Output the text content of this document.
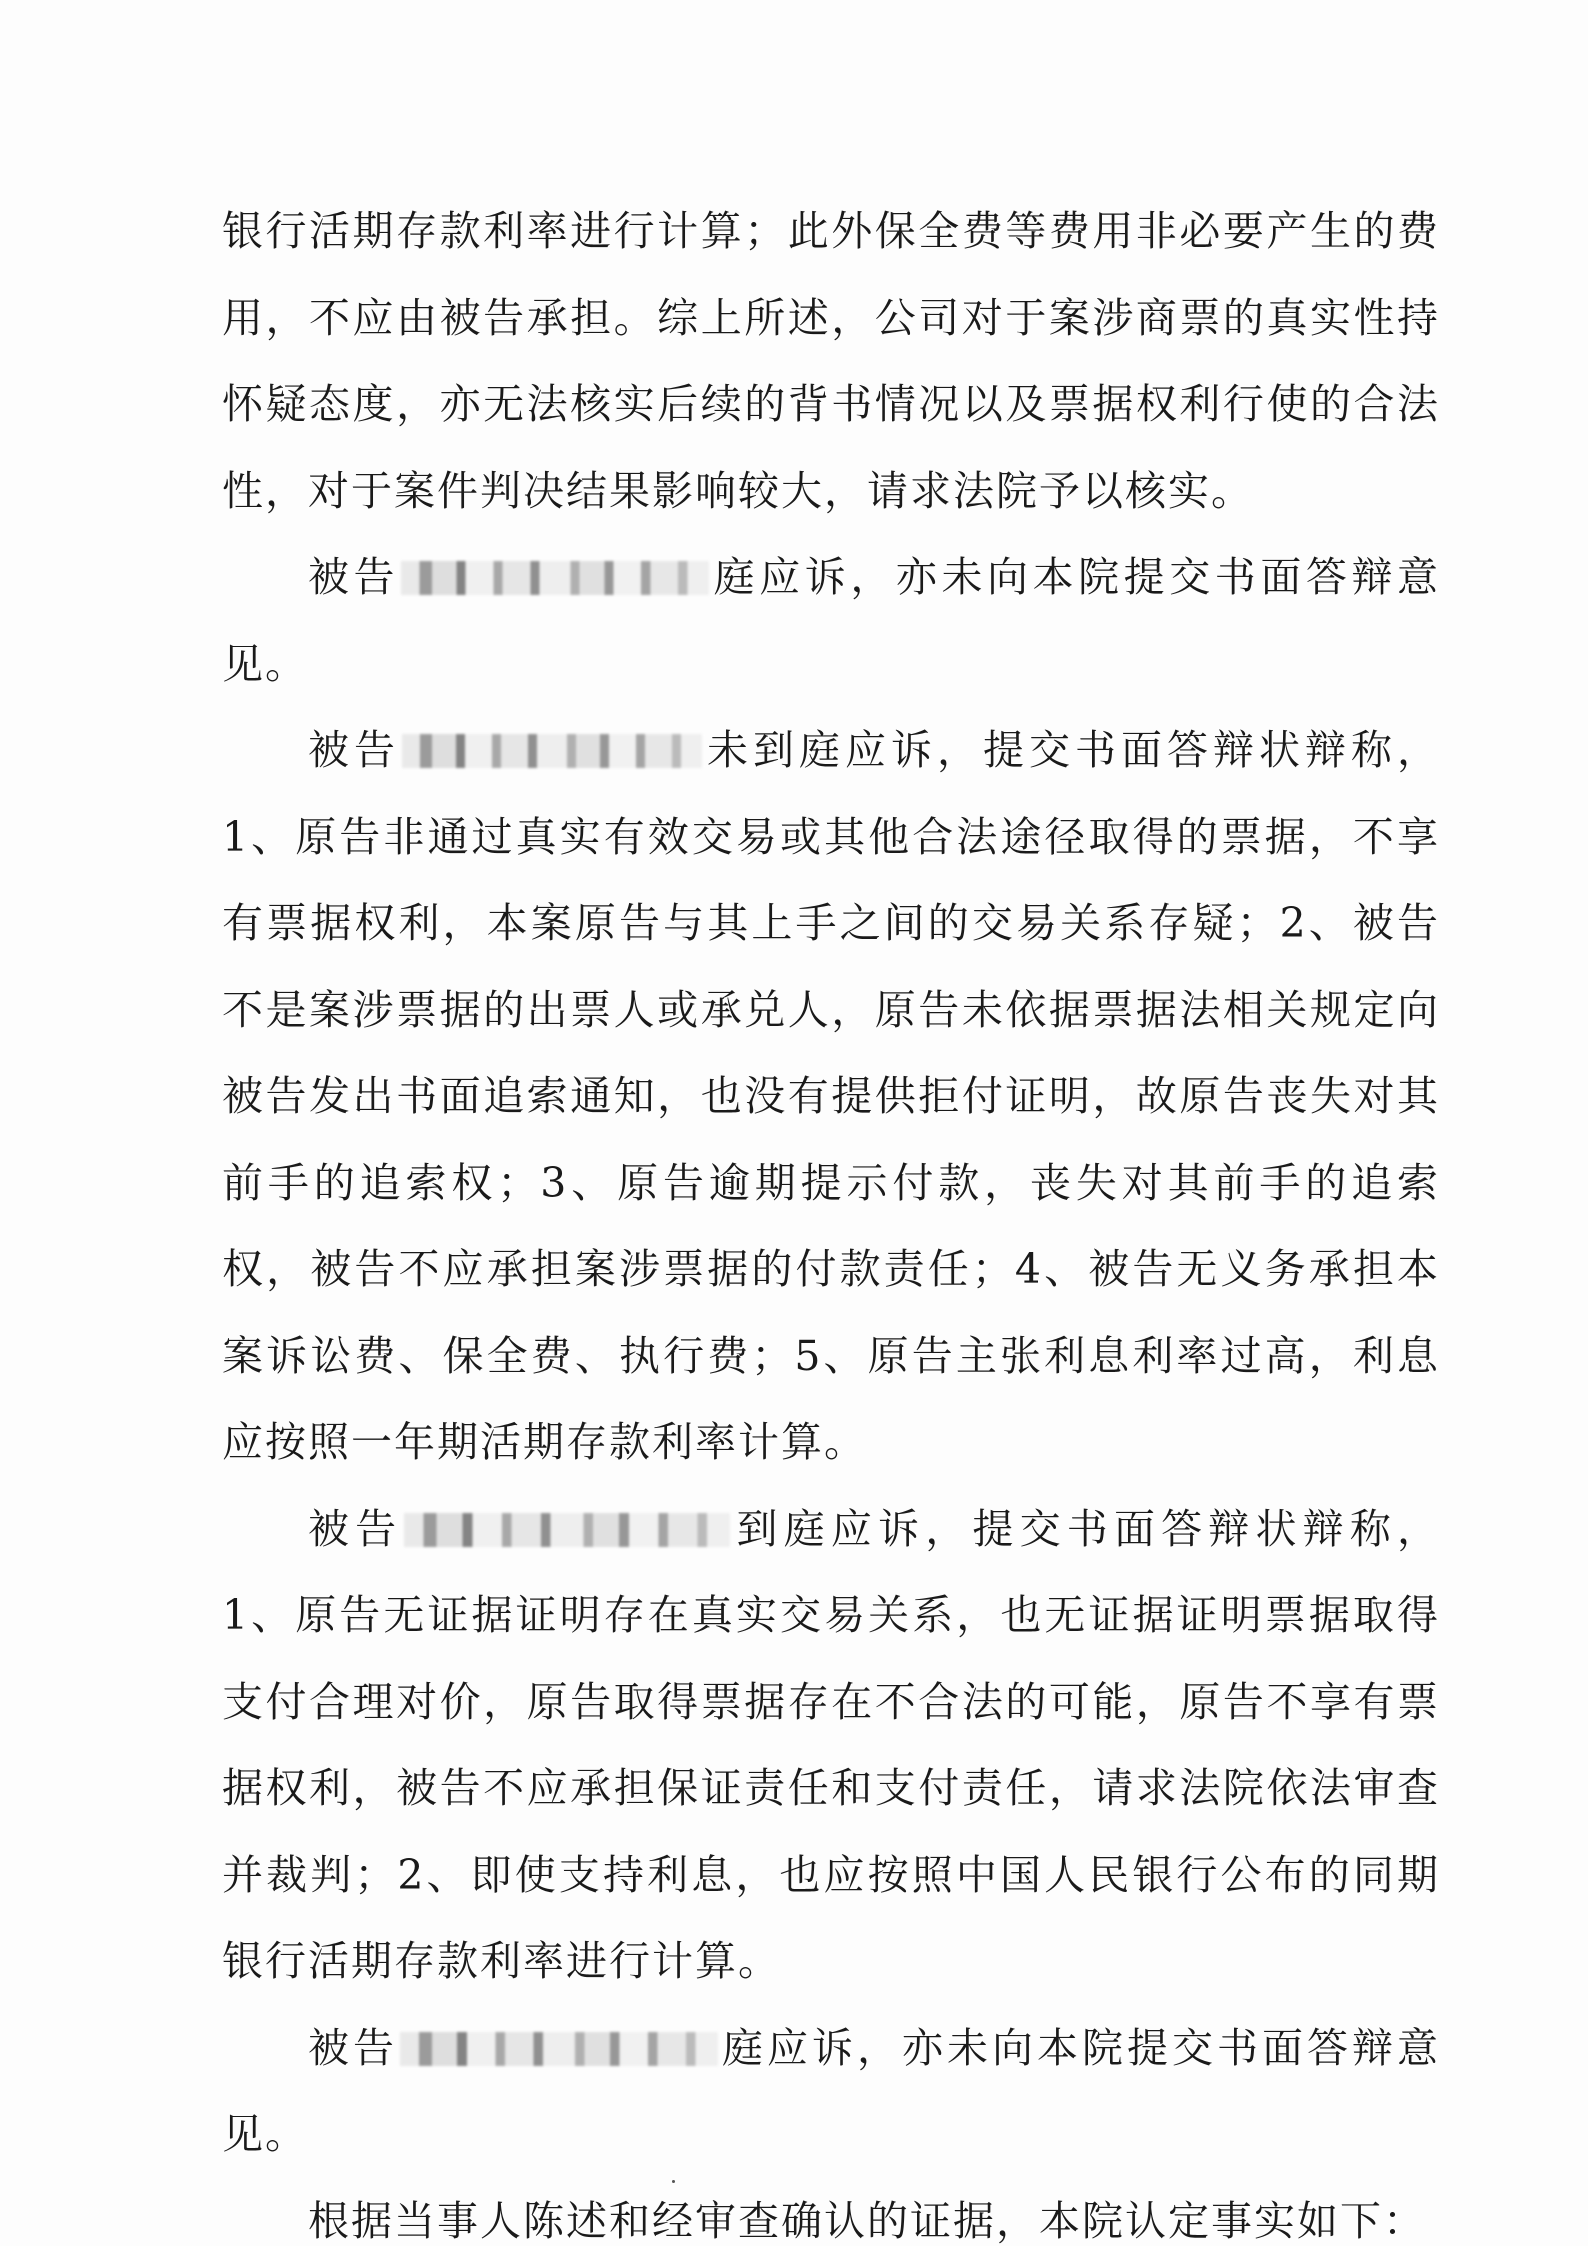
银行活期存款利率进行计算；此外保全费等费用非必要产生的费用，不应由被告承担。综上所述，公司对于案涉商票的真实性持怀疑态度，亦无法核实后续的背书情况以及票据权利行使的合法性，对于案件判决结果影响较大，请求法院予以核实。

被告	庭应诉，亦未向本院提交书面答辩意见。

被告	未到庭应诉，提交书面答辩状辩称，1、原告非通过真实有效交易或其他合法途径取得的票据，不享有票据权利，本案原告与其上手之间的交易关系存疑；2、被告不是案涉票据的出票人或承兑人，原告未依据票据法相关规定向被告发出书面追索通知，也没有提供拒付证明，故原告丧失对其前手的追索权；3、原告逾期提示付款，丧失对其前手的追索权，被告不应承担案涉票据的付款责任；4、被告无义务承担本案诉讼费、保全费、执行费；5、原告主张利息利率过高，利息应按照一年期活期存款利率计算。

被告	到庭应诉，提交书面答辩状辩称，1、原告无证据证明存在真实交易关系，也无证据证明票据取得支付合理对价，原告取得票据存在不合法的可能，原告不享有票据权利，被告不应承担保证责任和支付责任，请求法院依法审查并裁判；2、即使支持利息，也应按照中国人民银行公布的同期银行活期存款利率进行计算。

被告	庭应诉，亦未向本院提交书面答辩意见。

根据当事人陈述和经审查确认的证据，本院认定事实如下：
